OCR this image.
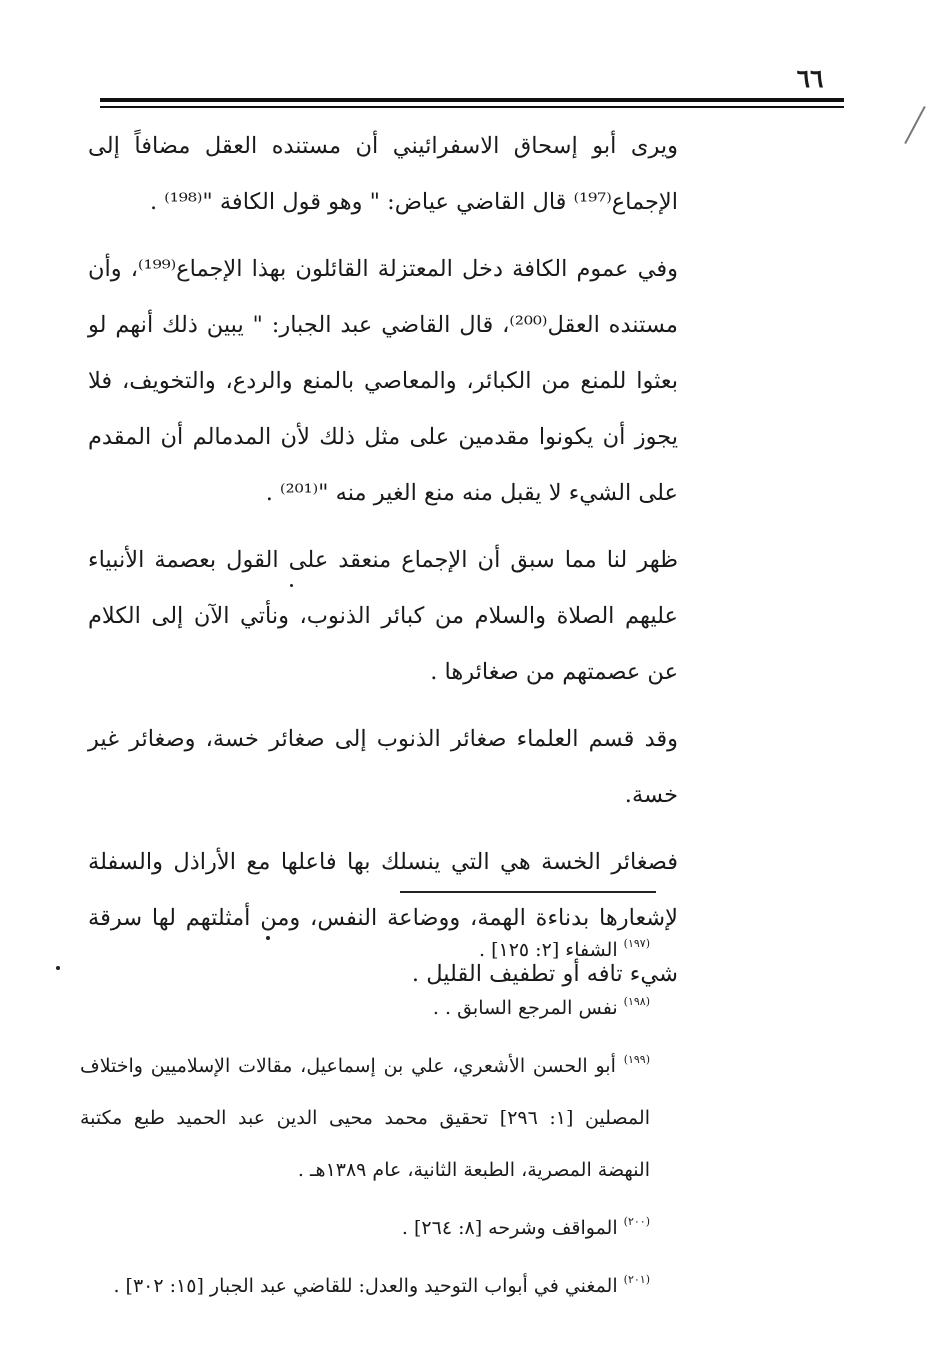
٦٦

ويرى أبو إسحاق الاسفرائيني أن مستنده العقل مضافاً إلى الإجماع⁽¹⁹⁷⁾ قال القاضي عياض: " وهو قول الكافة "⁽¹⁹⁸⁾ .

وفي عموم الكافة دخل المعتزلة القائلون بهذا الإجماع⁽¹⁹⁹⁾، وأن مستنده العقل⁽²⁰⁰⁾، قال القاضي عبد الجبار: " يبين ذلك أنهم لو بعثوا للمنع من الكبائر، والمعاصي بالمنع والردع، والتخويف، فلا يجوز أن يكونوا مقدمين على مثل ذلك لأن المدمالم أن المقدم على الشيء لا يقبل منه منع الغير منه "⁽²⁰¹⁾ .

ظهر لنا مما سبق أن الإجماع منعقد على القول بعصمة الأنبياء عليهم الصلاة والسلام من كبائر الذنوب، ونأتي الآن إلى الكلام عن عصمتهم من صغائرها .

وقد قسم العلماء صغائر الذنوب إلى صغائر خسة، وصغائر غير خسة.

فصغائر الخسة هي التي ينسلك بها فاعلها مع الأراذل والسفلة لإشعارها بدناءة الهمة، ووضاعة النفس، ومن أمثلتهم لها سرقة شيء تافه أو تطفيف القليل .

$^{(١٩٧)}$ الشفاء [٢: ١٢٥] .

$^{(١٩٨)}$ نفس المرجع السابق . .

$^{(١٩٩)}$ أبو الحسن الأشعري، علي بن إسماعيل، مقالات الإسلاميين واختلاف المصلين [١: ٢٩٦] تحقيق محمد محيى الدين عبد الحميد طبع مكتبة النهضة المصرية، الطبعة الثانية، عام ١٣٨٩هـ .

$^{(٢٠٠)}$ المواقف وشرحه [٨: ٢٦٤] .

$^{(٢٠١)}$ المغني في أبواب التوحيد والعدل: للقاضي عبد الجبار [١٥: ٣٠٢] .
